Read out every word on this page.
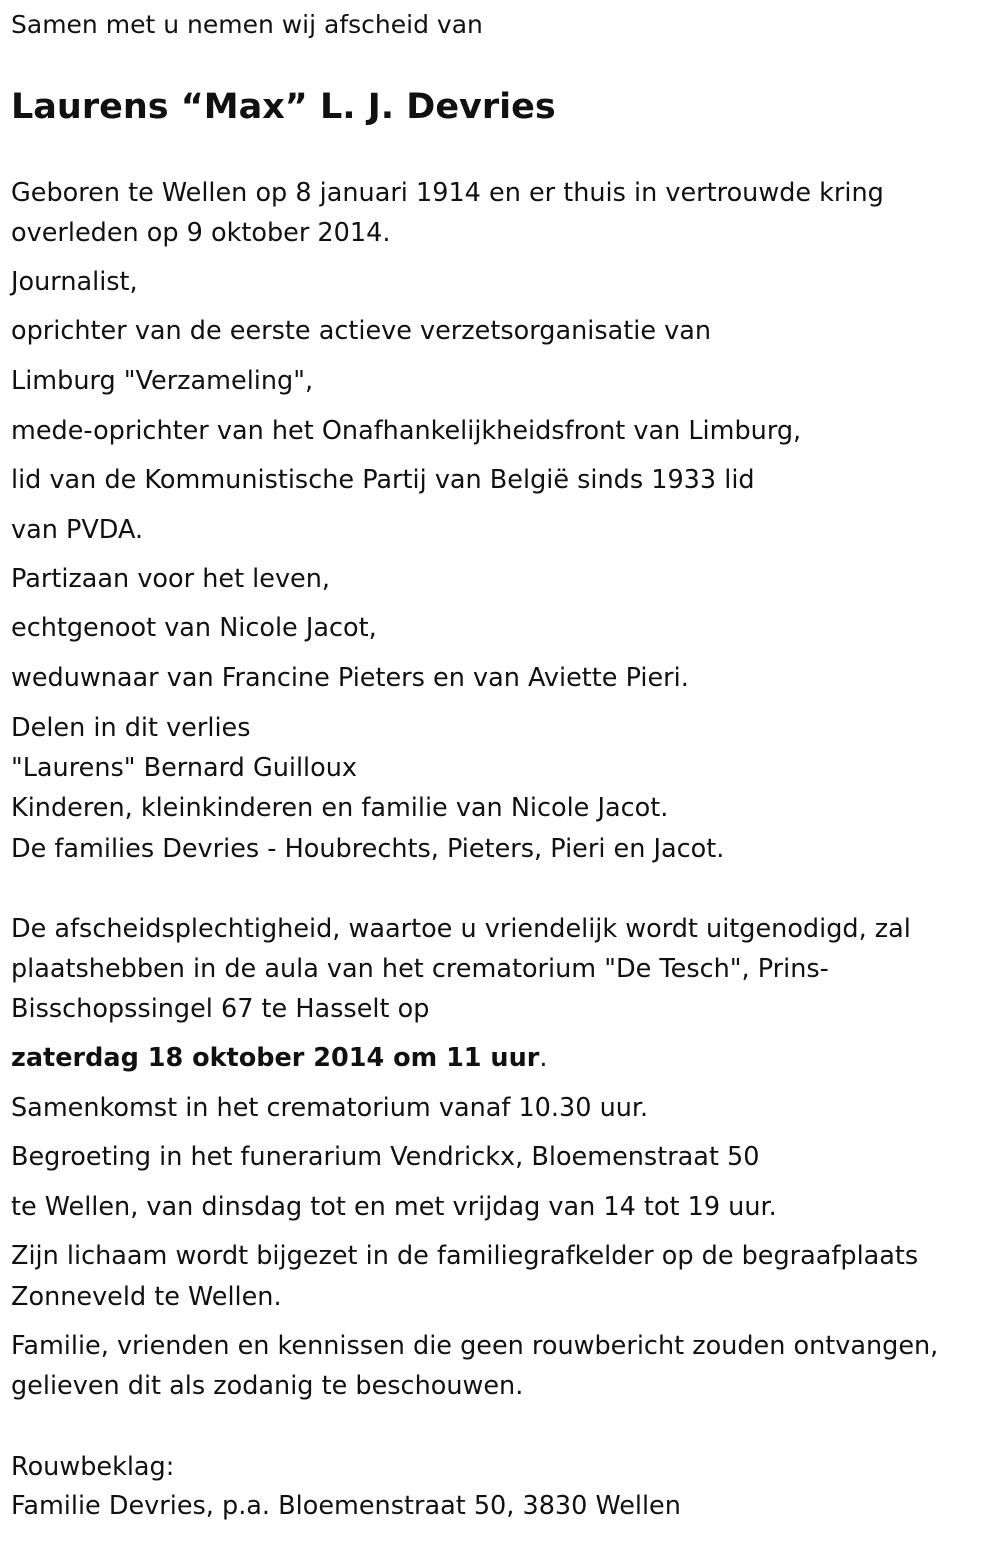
Samen met u nemen wij afscheid van

Laurens “Max” L. J. Devries

Geboren te Wellen op 8 januari 1914 en er thuis in vertrouwde kring

overleden op 9 oktober 2014.

Journalist,

oprichter van de eerste actieve verzetsorganisatie van

Limburg "Verzameling",

mede-oprichter van het Onafhankelijkheidsfront van Limburg,

lid van de Kommunistische Partij van België sinds 1933 lid

van PVDA.

Partizaan voor het leven,

echtgenoot van Nicole Jacot,

weduwnaar van Francine Pieters en van Aviette Pieri.

Delen in dit verlies

"Laurens" Bernard Guilloux

Kinderen, kleinkinderen en familie van Nicole Jacot.

De families Devries - Houbrechts, Pieters, Pieri en Jacot.

De afscheidsplechtigheid, waartoe u vriendelijk wordt uitgenodigd, zal

plaatshebben in de aula van het crematorium "De Tesch", Prins-

Bisschopssingel 67 te Hasselt op

zaterdag 18 oktober 2014 om 11 uur.

Samenkomst in het crematorium vanaf 10.30 uur.

Begroeting in het funerarium Vendrickx, Bloemenstraat 50

te Wellen, van dinsdag tot en met vrijdag van 14 tot 19 uur.

Zijn lichaam wordt bijgezet in de familiegrafkelder op de begraafplaats

Zonneveld te Wellen.

Familie, vrienden en kennissen die geen rouwbericht zouden ontvangen,

gelieven dit als zodanig te beschouwen.

Rouwbeklag:

Familie Devries, p.a. Bloemenstraat 50, 3830 Wellen
